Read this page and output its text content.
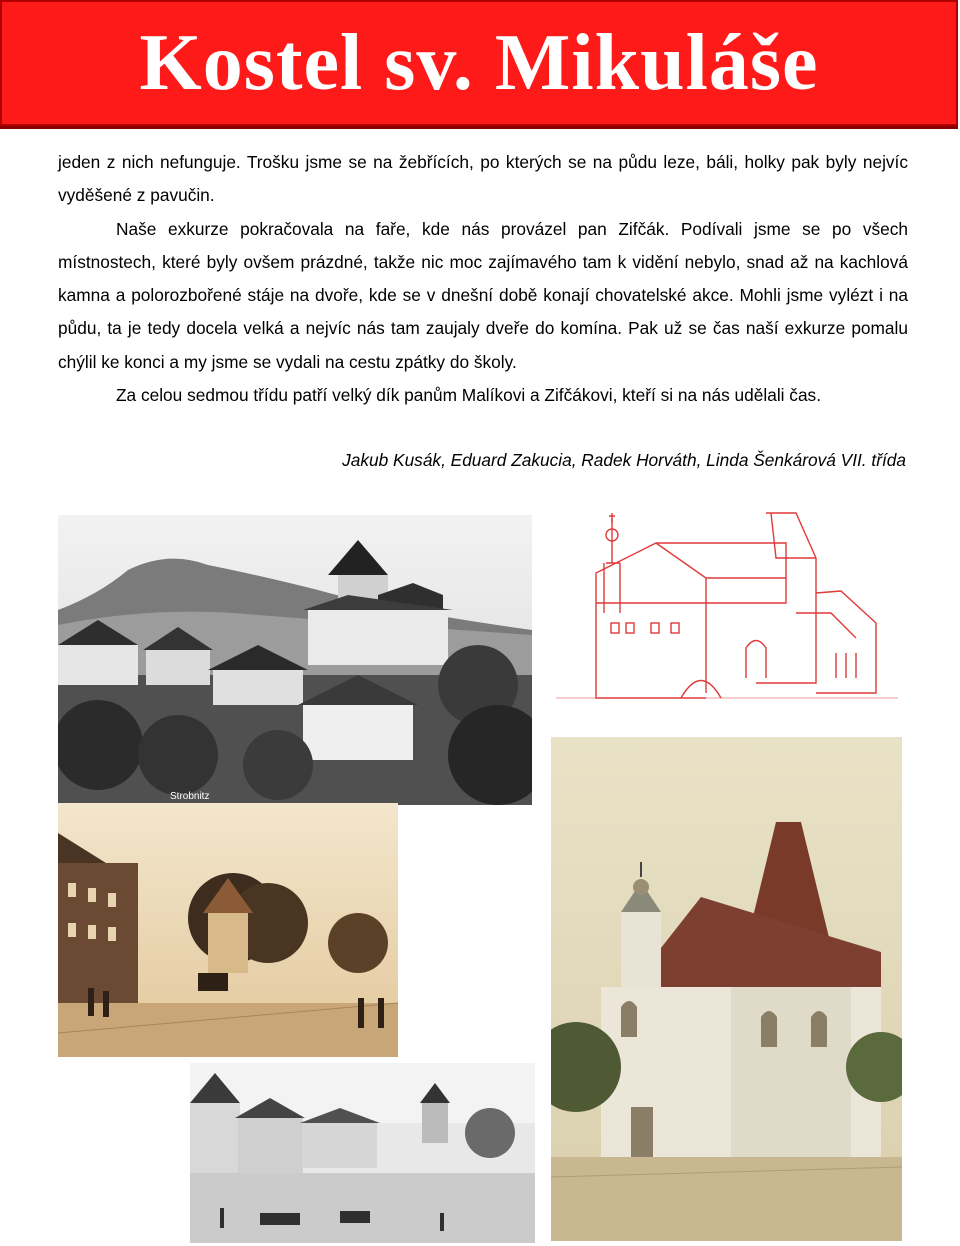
Kostel sv. Mikuláše

jeden z nich nefunguje. Trošku jsme se na žebřících, po kterých se na půdu leze, báli, holky pak byly nejvíc vyděšené z pavučin.

Naše exkurze pokračovala na faře, kde nás provázel pan Zifčák. Podívali jsme se po všech místnostech, které byly ovšem prázdné, takže nic moc zajímavého tam k vidění nebylo, snad až na kachlová kamna a polorozbořené stáje na dvoře, kde se v dnešní době konají chovatelské akce. Mohli jsme vylézt i na půdu, ta je tedy docela velká a nejvíc nás tam zaujaly dveře do komína. Pak už se čas naší exkurze pomalu chýlil ke konci a my jsme se vydali na cestu zpátky do školy.

Za celou sedmou třídu patří velký dík panům Malíkovi a Zifčákovi, kteří si na nás udělali čas.

Jakub Kusák, Eduard Zakucia, Radek Horváth, Linda Šenkárová VII. třída
Strobnitz
